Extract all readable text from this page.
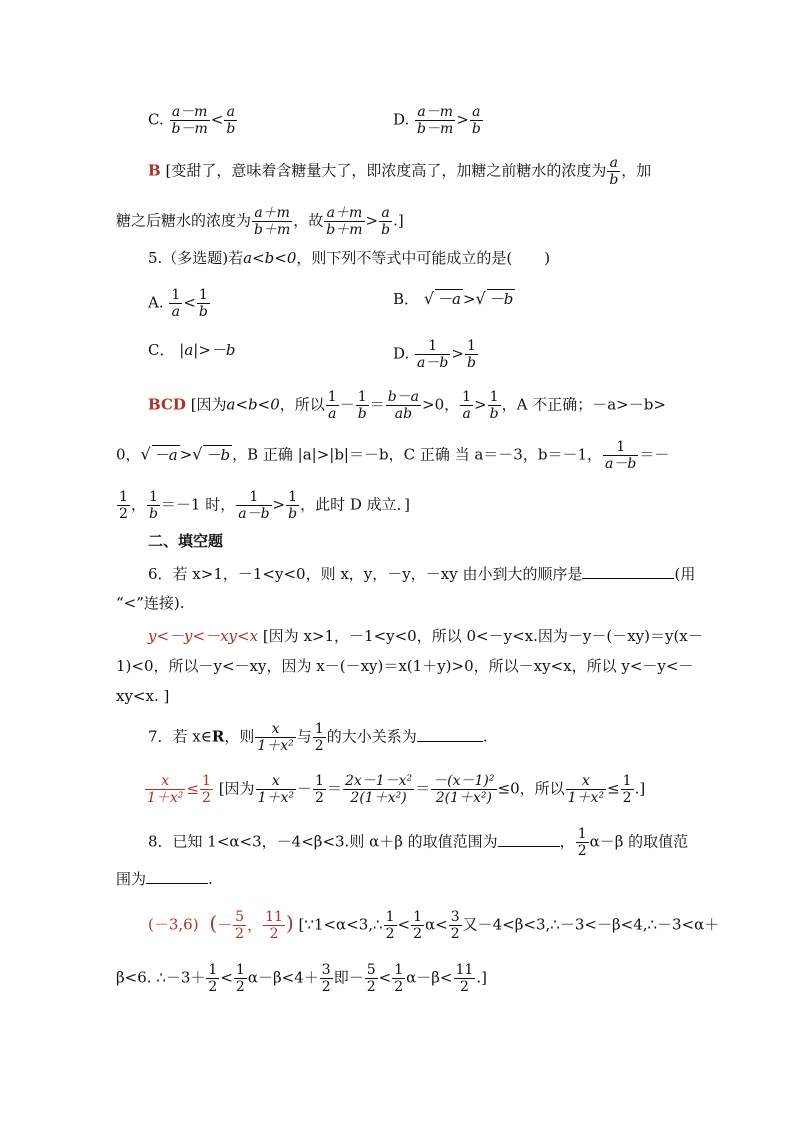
C. $\frac{a-m}{b-m} < \frac{a}{b}$	D. $\frac{a-m}{b-m} > \frac{a}{b}$
B [变甜了，意味着含糖量大了，即浓度高了，加糖之前糖水的浓度为 $\frac{a}{b}$ ，加
糖之后糖水的浓度为 $\frac{a+m}{b+m}$ ，故 $\frac{a+m}{b+m} > \frac{a}{b}$ .]
5.（多选题)若a<b<0，则下列不等式中可能成立的是( )
A. $\frac{1}{a} < \frac{1}{b}$	B． √ －a >√ －b
C． |a|>－b	D. $\frac{1}{a-b} > \frac{1}{b}$
BCD [因为a<b<0，所以 $\frac{1}{a} - \frac{1}{b} = \frac{b-a}{ab} >0$， $\frac{1}{a} > \frac{1}{b}$ ，A 不正确；－a>－b>
0，√ －a >√ －b ，B 正确 |a|>|b|＝－b，C 正确 当 a＝－3，b＝－1， $\frac{1}{a-b}$ ＝－
$\frac{1}{2}$ ， $\frac{1}{b} =-1$ 时， $\frac{1}{a-b} > \frac{1}{b}$ ，此时 D 成立．]
二、填空题
6．若 x>1，－1<y<0，则 x，y，－y，－xy 由小到大的顺序是	(用
“<”连接).
y<－y<－xy<x [因为 x>1，－1<y<0，所以 0<－y<x.因为－y－(－xy)＝y(x－
1)<0，所以－y<－xy，因为 x－(－xy)＝x(1＋y)>0，所以－xy<x，所以 y<－y<－
xy<x. ]
7．若 x∈R，则 $\frac{x}{\text{1＋x²}}$ 与 $\frac{1}{2}$ 的大小关系为	.
$\frac{x}{\text{1＋x²}} \le \frac{1}{2}$ [因为 $\frac{x}{\text{1＋x²}} - \frac{1}{2} = \frac{\text{2x－1－x²}}{\text{2(1＋x²)}} = \frac{\text{－(x－1)²}}{\text{2(1＋x²)}} \le 0$，所以 $\frac{x}{\text{1＋x²}} \le \frac{1}{2}$ .]
8．已知 1<α<3，－4<β<3.则 α＋β 的取值范围为	， $\frac{1}{2} \alpha-\beta$ 的取值范
围为	.
(－3,6) (－ $\frac{5}{2}$ ， $\frac{11}{2}$ ) [∵1<α<3,∴ $\frac{1}{2} < \frac{1}{2} \alpha< \frac{3}{2}$ 又－4<β<3,∴－3<－β<4,∴－3<α＋
β<6. ∴－3＋ $\frac{1}{2} < \frac{1}{2} \alpha-\beta<4+ \frac{3}{2}$ 即－ $\frac{5}{2} < \frac{1}{2} \alpha-\beta< \frac{11}{2}$ .]
